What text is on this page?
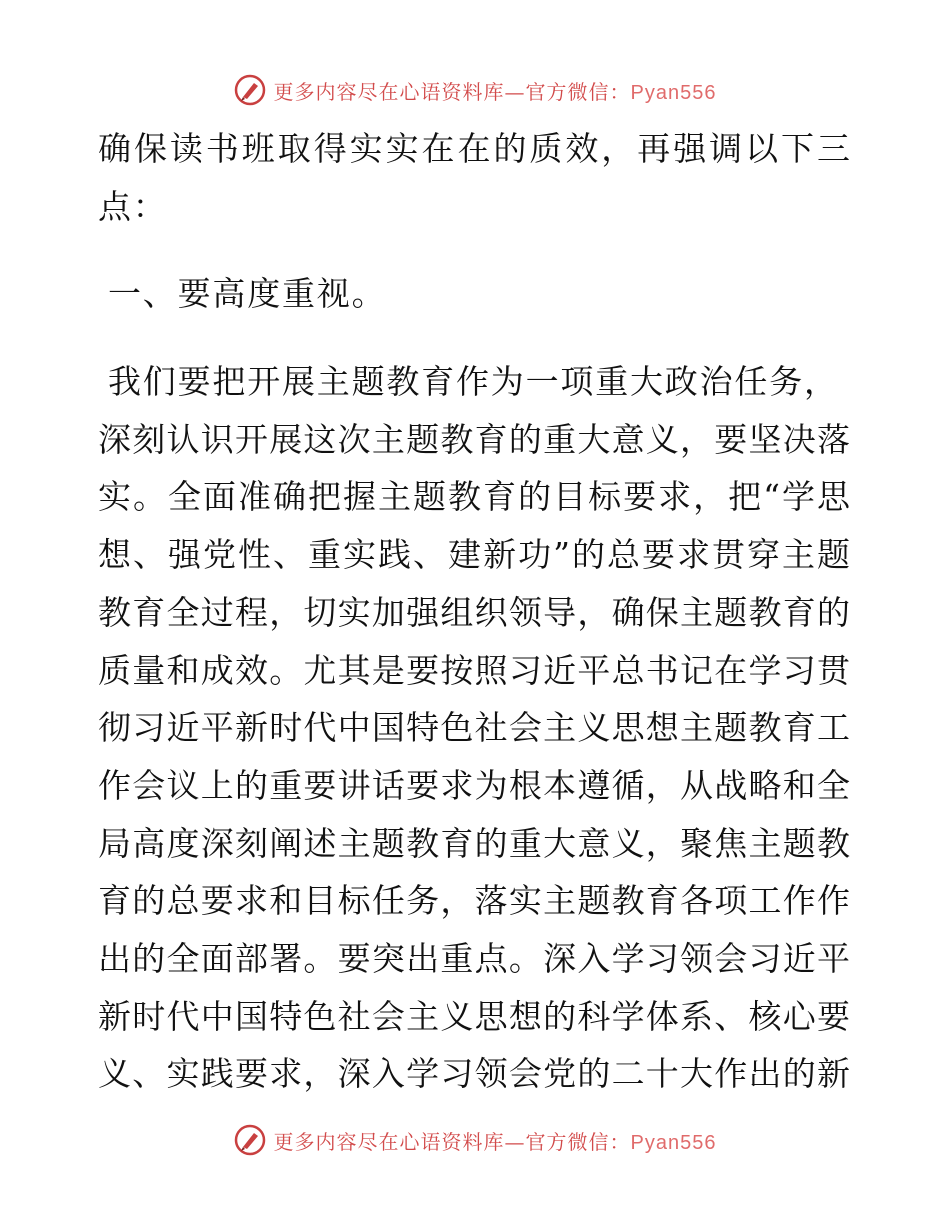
更多内容尽在心语资料库—官方微信：Pyan556
确保读书班取得实实在在的质效，再强调以下三
点：
一、要高度重视。
我们要把开展主题教育作为一项重大政治任务，
深刻认识开展这次主题教育的重大意义，要坚决落
实。全面准确把握主题教育的目标要求，把“学思
想、强党性、重实践、建新功”的总要求贯穿主题
教育全过程，切实加强组织领导，确保主题教育的
质量和成效。尤其是要按照习近平总书记在学习贯
彻习近平新时代中国特色社会主义思想主题教育工
作会议上的重要讲话要求为根本遵循，从战略和全
局高度深刻阐述主题教育的重大意义，聚焦主题教
育的总要求和目标任务，落实主题教育各项工作作
出的全面部署。要突出重点。深入学习领会习近平
新时代中国特色社会主义思想的科学体系、核心要
义、实践要求，深入学习领会党的二十大作出的新
更多内容尽在心语资料库—官方微信：Pyan556
